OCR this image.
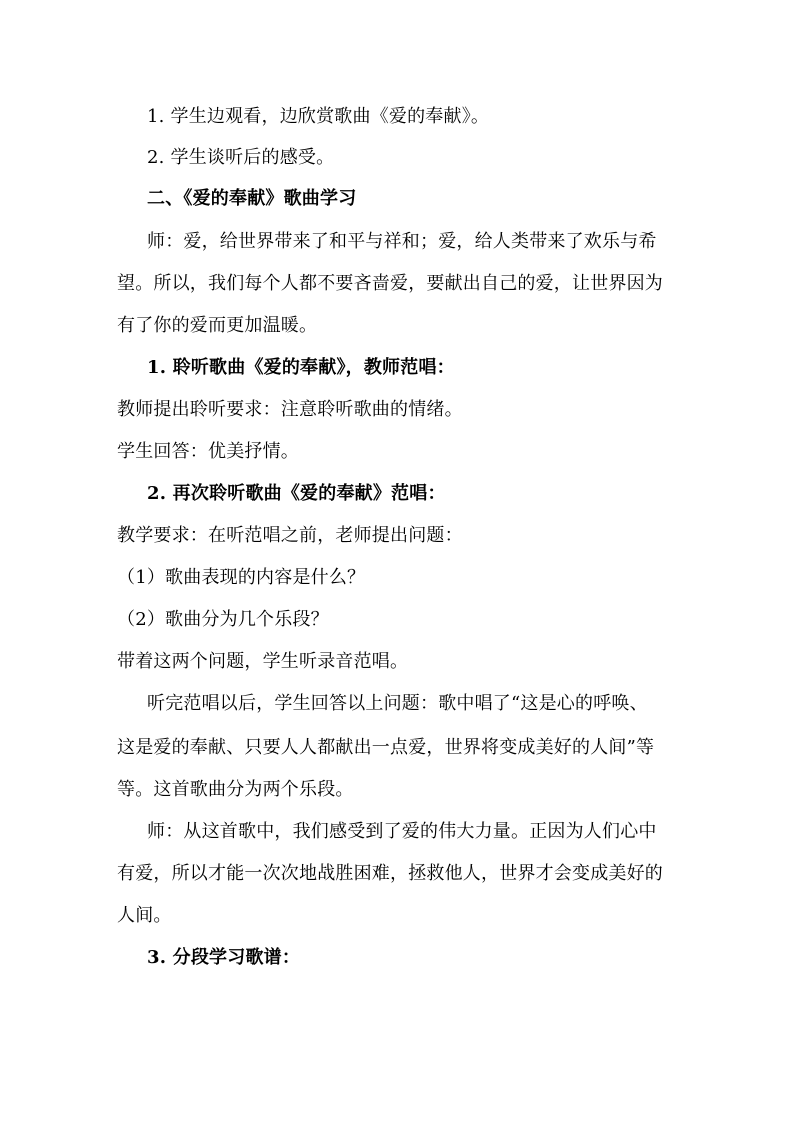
1. 学生边观看，边欣赏歌曲《爱的奉献》。
2. 学生谈听后的感受。
二、《爱的奉献》歌曲学习
师：爱，给世界带来了和平与祥和；爱，给人类带来了欢乐与希
望。所以，我们每个人都不要吝啬爱，要献出自己的爱，让世界因为
有了你的爱而更加温暖。
1. 聆听歌曲《爱的奉献》，教师范唱：
教师提出聆听要求：注意聆听歌曲的情绪。
学生回答：优美抒情。
2. 再次聆听歌曲《爱的奉献》范唱：
教学要求：在听范唱之前，老师提出问题：
（1）歌曲表现的内容是什么？
（2）歌曲分为几个乐段？
带着这两个问题，学生听录音范唱。
听完范唱以后，学生回答以上问题：歌中唱了“这是心的呼唤、
这是爱的奉献、只要人人都献出一点爱，世界将变成美好的人间”等
等。这首歌曲分为两个乐段。
师：从这首歌中，我们感受到了爱的伟大力量。正因为人们心中
有爱，所以才能一次次地战胜困难，拯救他人，世界才会变成美好的
人间。
3. 分段学习歌谱：
